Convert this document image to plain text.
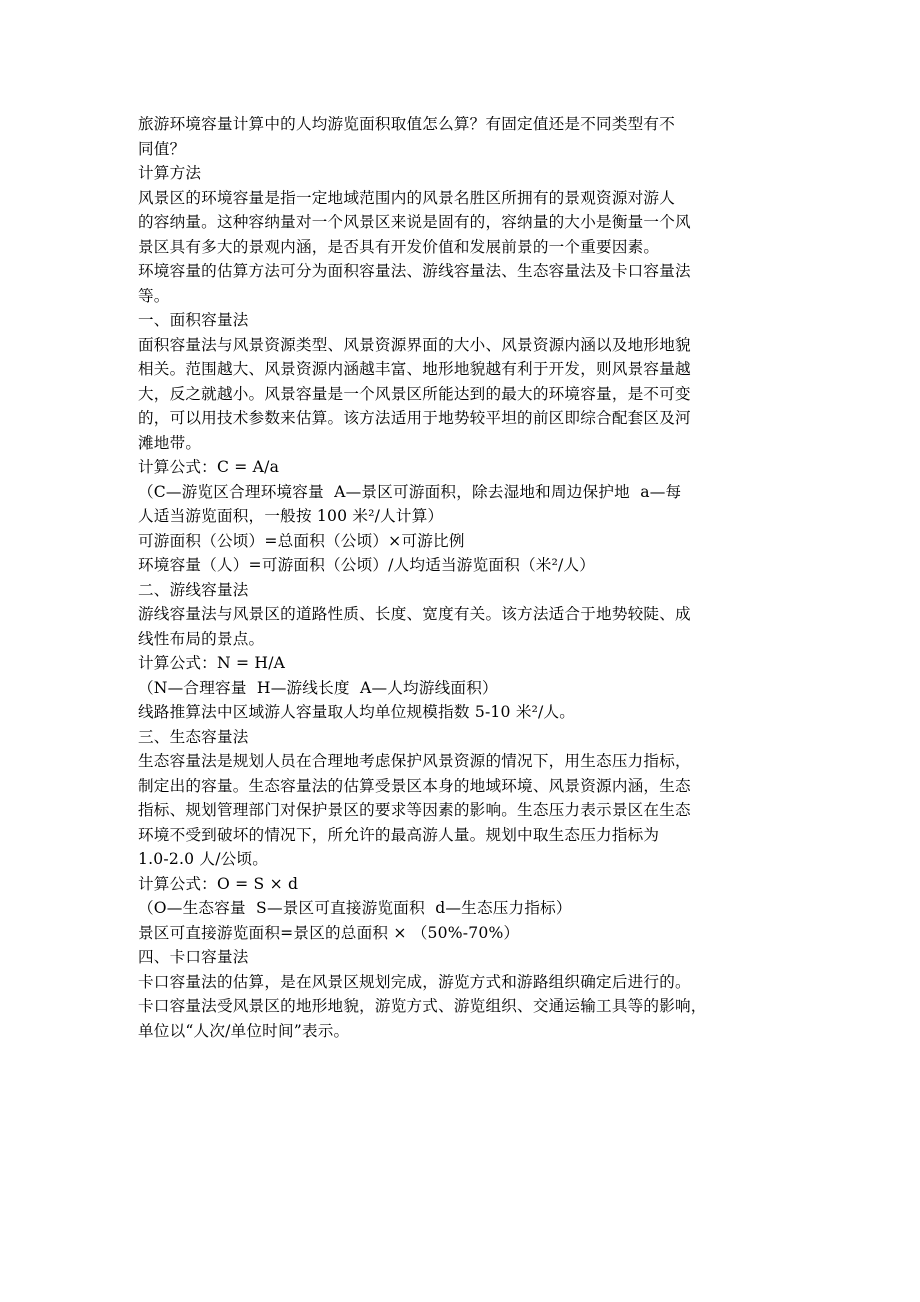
旅游环境容量计算中的人均游览面积取值怎么算？有固定值还是不同类型有不
同值？
计算方法
风景区的环境容量是指一定地域范围内的风景名胜区所拥有的景观资源对游人
的容纳量。这种容纳量对一个风景区来说是固有的，容纳量的大小是衡量一个风
景区具有多大的景观内涵，是否具有开发价值和发展前景的一个重要因素。
环境容量的估算方法可分为面积容量法、游线容量法、生态容量法及卡口容量法
等。
一、面积容量法
面积容量法与风景资源类型、风景资源界面的大小、风景资源内涵以及地形地貌
相关。范围越大、风景资源内涵越丰富、地形地貌越有利于开发，则风景容量越
大，反之就越小。风景容量是一个风景区所能达到的最大的环境容量，是不可变
的，可以用技术参数来估算。该方法适用于地势较平坦的前区即综合配套区及河
滩地带。
计算公式：C = A/a
（C—游览区合理环境容量  A—景区可游面积，除去湿地和周边保护地  a—每
人适当游览面积，一般按 100 米²/人计算）
可游面积（公顷）=总面积（公顷）×可游比例
环境容量（人）=可游面积（公顷）/人均适当游览面积（米²/人）
二、游线容量法
游线容量法与风景区的道路性质、长度、宽度有关。该方法适合于地势较陡、成
线性布局的景点。
计算公式：N = H/A
（N—合理容量  H—游线长度  A—人均游线面积）
线路推算法中区域游人容量取人均单位规模指数 5-10 米²/人。
三、生态容量法
生态容量法是规划人员在合理地考虑保护风景资源的情况下，用生态压力指标，
制定出的容量。生态容量法的估算受景区本身的地域环境、风景资源内涵，生态
指标、规划管理部门对保护景区的要求等因素的影响。生态压力表示景区在生态
环境不受到破坏的情况下，所允许的最高游人量。规划中取生态压力指标为
1.0-2.0 人/公顷。
计算公式：O = S × d
（O—生态容量  S—景区可直接游览面积  d—生态压力指标）
景区可直接游览面积=景区的总面积 × （50%-70%）
四、卡口容量法
卡口容量法的估算，是在风景区规划完成，游览方式和游路组织确定后进行的。
卡口容量法受风景区的地形地貌，游览方式、游览组织、交通运输工具等的影响，
单位以“人次/单位时间”表示。
